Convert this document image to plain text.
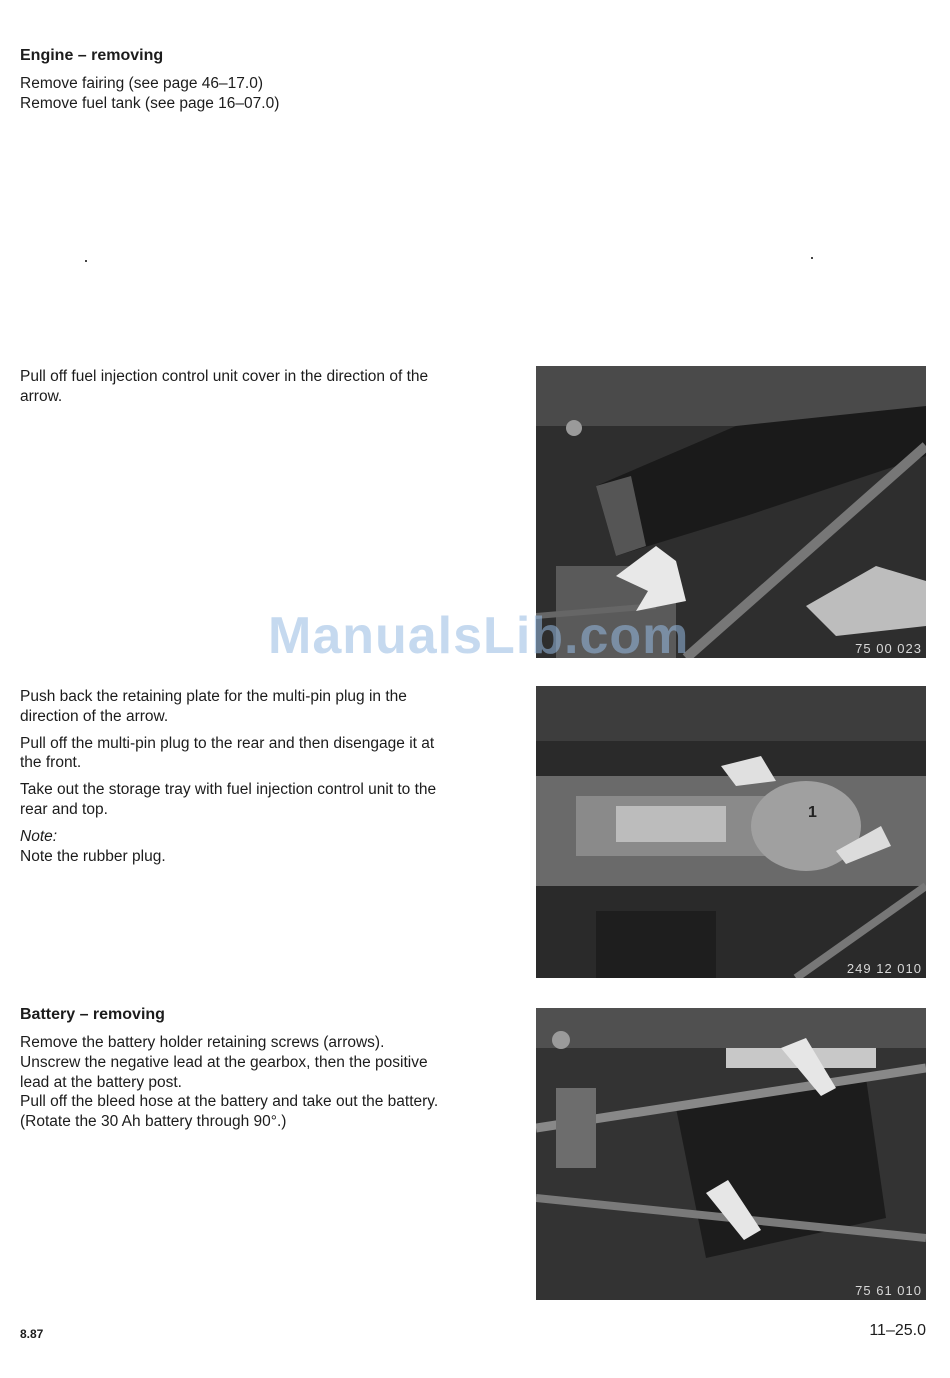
Engine – removing
Remove fairing (see page 46–17.0)
Remove fuel tank (see page 16–07.0)
Pull off fuel injection control unit cover in the direction of the arrow.
75 00 023
ManualsLib.com

Push back the retaining plate for the multi-pin plug in the direction of the arrow.

Pull off the multi-pin plug to the rear and then disengage it at the front.

Take out the storage tray with fuel injection control unit to the rear and top.

Note:
Note the rubber plug.
1
249 12 010
Battery – removing
Remove the battery holder retaining screws (arrows).
Unscrew the negative lead at the gearbox, then the positive lead at the battery post.
Pull off the bleed hose at the battery and take out the battery.
(Rotate the 30 Ah battery through 90°.)
75 61 010
8.87	11–25.0
